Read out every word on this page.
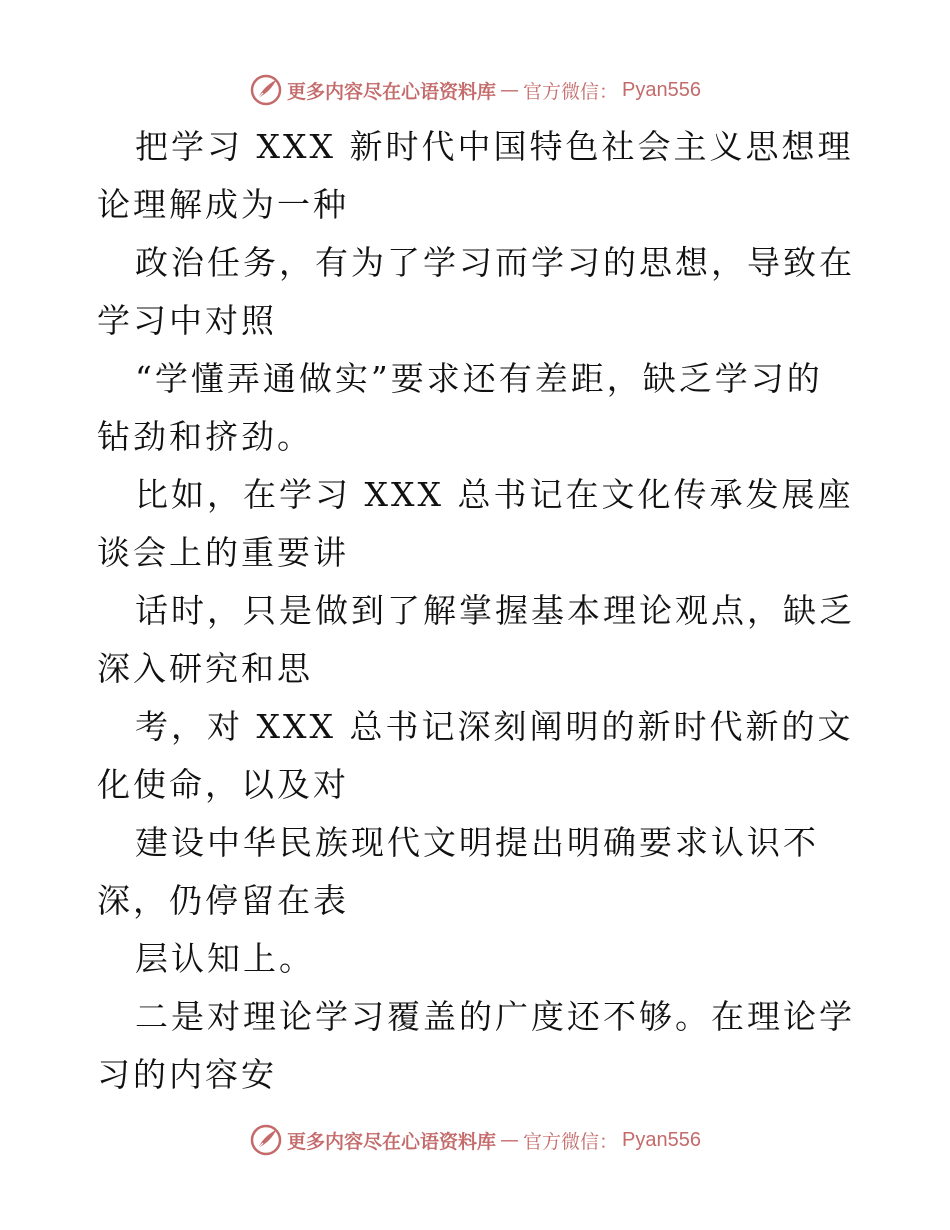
更多内容尽在心语资料库 — 官方微信： Pyan556

把学习 XXX 新时代中国特色社会主义思想理论理解成为一种

政治任务，有为了学习而学习的思想，导致在学习中对照

“学懂弄通做实”要求还有差距，缺乏学习的钻劲和挤劲。

比如，在学习 XXX 总书记在文化传承发展座谈会上的重要讲

话时，只是做到了解掌握基本理论观点，缺乏深入研究和思

考，对 XXX 总书记深刻阐明的新时代新的文化使命，以及对

建设中华民族现代文明提出明确要求认识不深，仍停留在表

层认知上。

二是对理论学习覆盖的广度还不够。在理论学习的内容安

更多内容尽在心语资料库 — 官方微信： Pyan556
